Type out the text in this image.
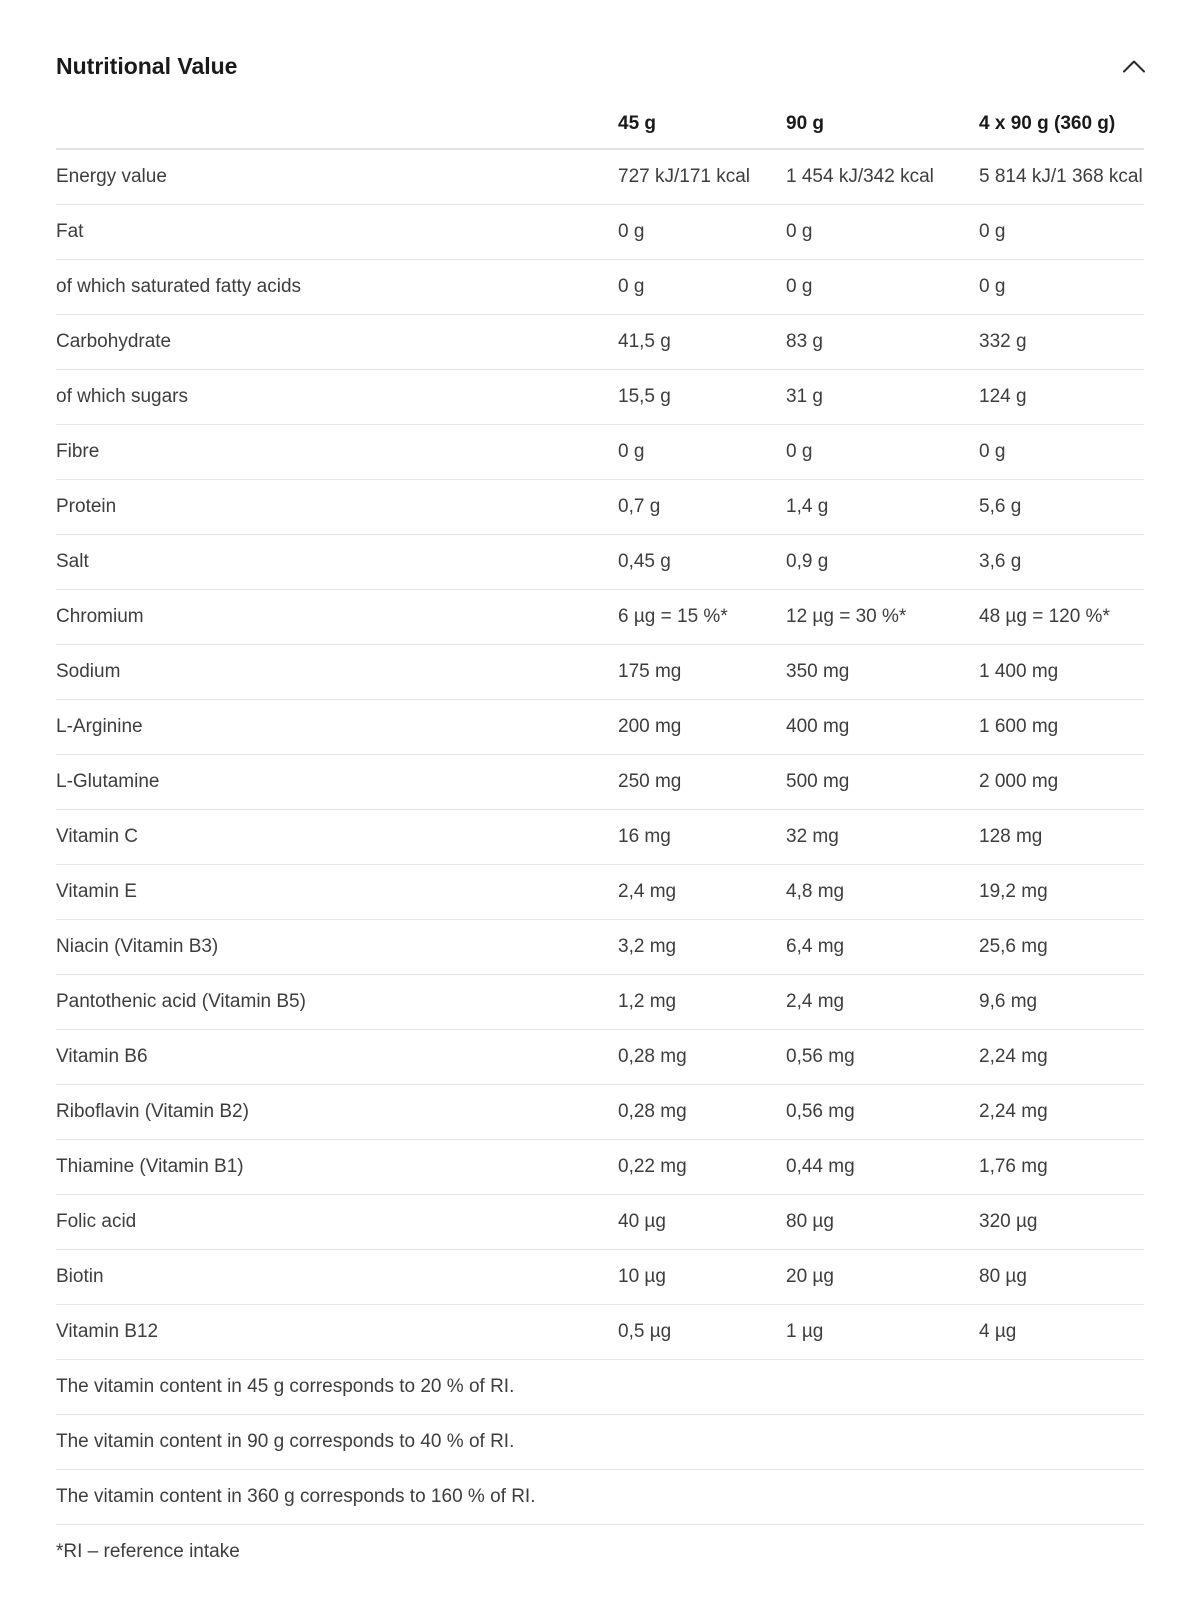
Nutritional Value
	45 g	90 g	4 x 90 g (360 g)
Energy value	727 kJ/171 kcal	1 454 kJ/342 kcal	5 814 kJ/1 368 kcal
Fat	0 g	0 g	0 g
of which saturated fatty acids	0 g	0 g	0 g
Carbohydrate	41,5 g	83 g	332 g
of which sugars	15,5 g	31 g	124 g
Fibre	0 g	0 g	0 g
Protein	0,7 g	1,4 g	5,6 g
Salt	0,45 g	0,9 g	3,6 g
Chromium	6 µg = 15 %*	12 µg = 30 %*	48 µg = 120 %*
Sodium	175 mg	350 mg	1 400 mg
L-Arginine	200 mg	400 mg	1 600 mg
L-Glutamine	250 mg	500 mg	2 000 mg
Vitamin C	16 mg	32 mg	128 mg
Vitamin E	2,4 mg	4,8 mg	19,2 mg
Niacin (Vitamin B3)	3,2 mg	6,4 mg	25,6 mg
Pantothenic acid (Vitamin B5)	1,2 mg	2,4 mg	9,6 mg
Vitamin B6	0,28 mg	0,56 mg	2,24 mg
Riboflavin (Vitamin B2)	0,28 mg	0,56 mg	2,24 mg
Thiamine (Vitamin B1)	0,22 mg	0,44 mg	1,76 mg
Folic acid	40 µg	80 µg	320 µg
Biotin	10 µg	20 µg	80 µg
Vitamin B12	0,5 µg	1 µg	4 µg
The vitamin content in 45 g corresponds to 20 % of RI.			
The vitamin content in 90 g corresponds to 40 % of RI.			
The vitamin content in 360 g corresponds to 160 % of RI.			
*RI – reference intake			
